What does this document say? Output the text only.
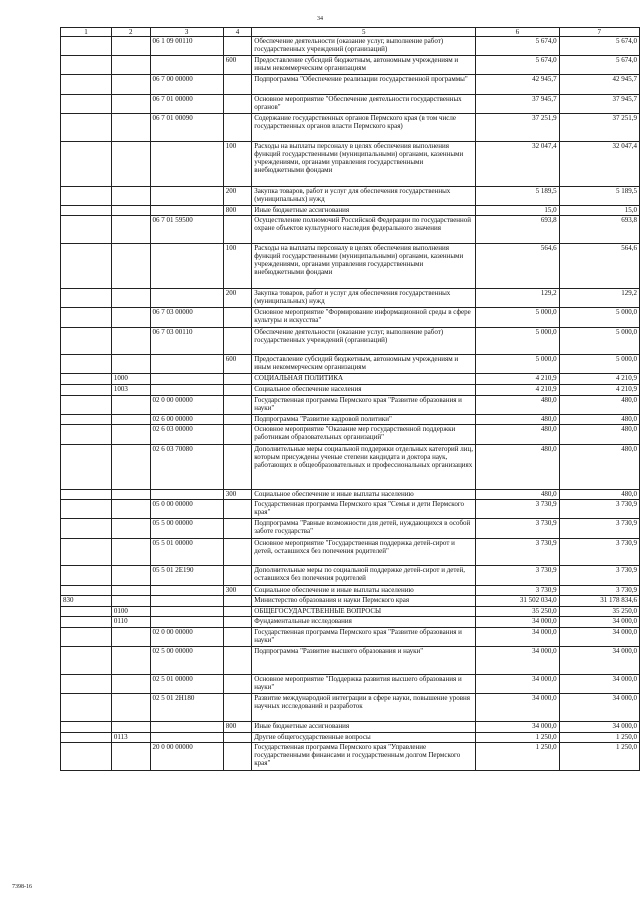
34
1	2	3	4	5	6	7
		06 1 09 00110		Обеспечение деятельности (оказание услуг, выполнение работ) государственных учреждений (организаций)	5 674,0	5 674,0
			600	Предоставление субсидий бюджетным, автономным учреждениям и иным некоммерческим организациям	5 674,0	5 674,0
		06 7 00 00000		Подпрограмма "Обеспечение реализации государственной программы"	42 945,7	42 945,7
		06 7 01 00000		Основное мероприятие "Обеспечение деятельности государственных органов"	37 945,7	37 945,7
		06 7 01 00090		Содержание государственных органов Пермского края (в том числе государственных органов власти Пермского края)	37 251,9	37 251,9
			100	Расходы на выплаты персоналу в целях обеспечения выполнения функций государственными (муниципальными) органами, казенными учреждениями, органами управления государственными внебюджетными фондами	32 047,4	32 047,4
			200	Закупка товаров, работ и услуг для обеспечения государственных (муниципальных) нужд	5 189,5	5 189,5
			800	Иные бюджетные ассигнования	15,0	15,0
		06 7 01 59500		Осуществление полномочий Российской Федерации по государственной охране объектов культурного наследия федерального значения	693,8	693,8
			100	Расходы на выплаты персоналу в целях обеспечения выполнения функций государственными (муниципальными) органами, казенными учреждениями, органами управления государственными внебюджетными фондами	564,6	564,6
			200	Закупка товаров, работ и услуг для обеспечения государственных (муниципальных) нужд	129,2	129,2
		06 7 03 00000		Основное мероприятие "Формирование информационной среды в сфере культуры и искусства"	5 000,0	5 000,0
		06 7 03 00110		Обеспечение деятельности (оказание услуг, выполнение работ) государственных учреждений (организаций)	5 000,0	5 000,0
			600	Предоставление субсидий бюджетным, автономным учреждениям и иным некоммерческим организациям	5 000,0	5 000,0
	1000			СОЦИАЛЬНАЯ ПОЛИТИКА	4 210,9	4 210,9
	1003			Социальное обеспечение населения	4 210,9	4 210,9
		02 0 00 00000		Государственная программа Пермского края "Развитие образования и науки"	480,0	480,0
		02 6 00 00000		Подпрограмма "Развитие кадровой политики"	480,0	480,0
		02 6 03 00000		Основное мероприятие "Оказание мер государственной поддержки работникам образовательных организаций"	480,0	480,0
		02 6 03 70080		Дополнительные меры социальной поддержки отдельных категорий лиц, которым присуждены ученые степени кандидата и доктора наук, работающих в общеобразовательных и профессиональных организациях	480,0	480,0
			300	Социальное обеспечение и иные выплаты населению	480,0	480,0
		05 0 00 00000		Государственная программа Пермского края "Семья и дети Пермского края"	3 730,9	3 730,9
		05 5 00 00000		Подпрограмма "Равные возможности для детей, нуждающихся в особой заботе государства"	3 730,9	3 730,9
		05 5 01 00000		Основное мероприятие "Государственная поддержка детей-сирот и детей, оставшихся без попечения родителей"	3 730,9	3 730,9
		05 5 01 2Е190		Дополнительные меры по социальной поддержке детей-сирот и детей, оставшихся без попечения родителей	3 730,9	3 730,9
			300	Социальное обеспечение и иные выплаты населению	3 730,9	3 730,9
830				Министерство образования и науки Пермского края	31 502 034,0	31 178 834,6
	0100			ОБЩЕГОСУДАРСТВЕННЫЕ ВОПРОСЫ	35 250,0	35 250,0
	0110			Фундаментальные исследования	34 000,0	34 000,0
		02 0 00 00000		Государственная программа Пермского края "Развитие образования и науки"	34 000,0	34 000,0
		02 5 00 00000		Подпрограмма "Развитие высшего образования и науки"	34 000,0	34 000,0
		02 5 01 00000		Основное мероприятие "Поддержка развития высшего образования и науки"	34 000,0	34 000,0
		02 5 01 2Н180		Развитие международной интеграции в сфере науки, повышение уровня научных исследований и разработок	34 000,0	34 000,0
			800	Иные бюджетные ассигнования	34 000,0	34 000,0
	0113			Другие общегосударственные вопросы	1 250,0	1 250,0
		20 0 00 00000		Государственная программа Пермского края "Управление государственными финансами и государственным долгом Пермского края"	1 250,0	1 250,0
7398-16
